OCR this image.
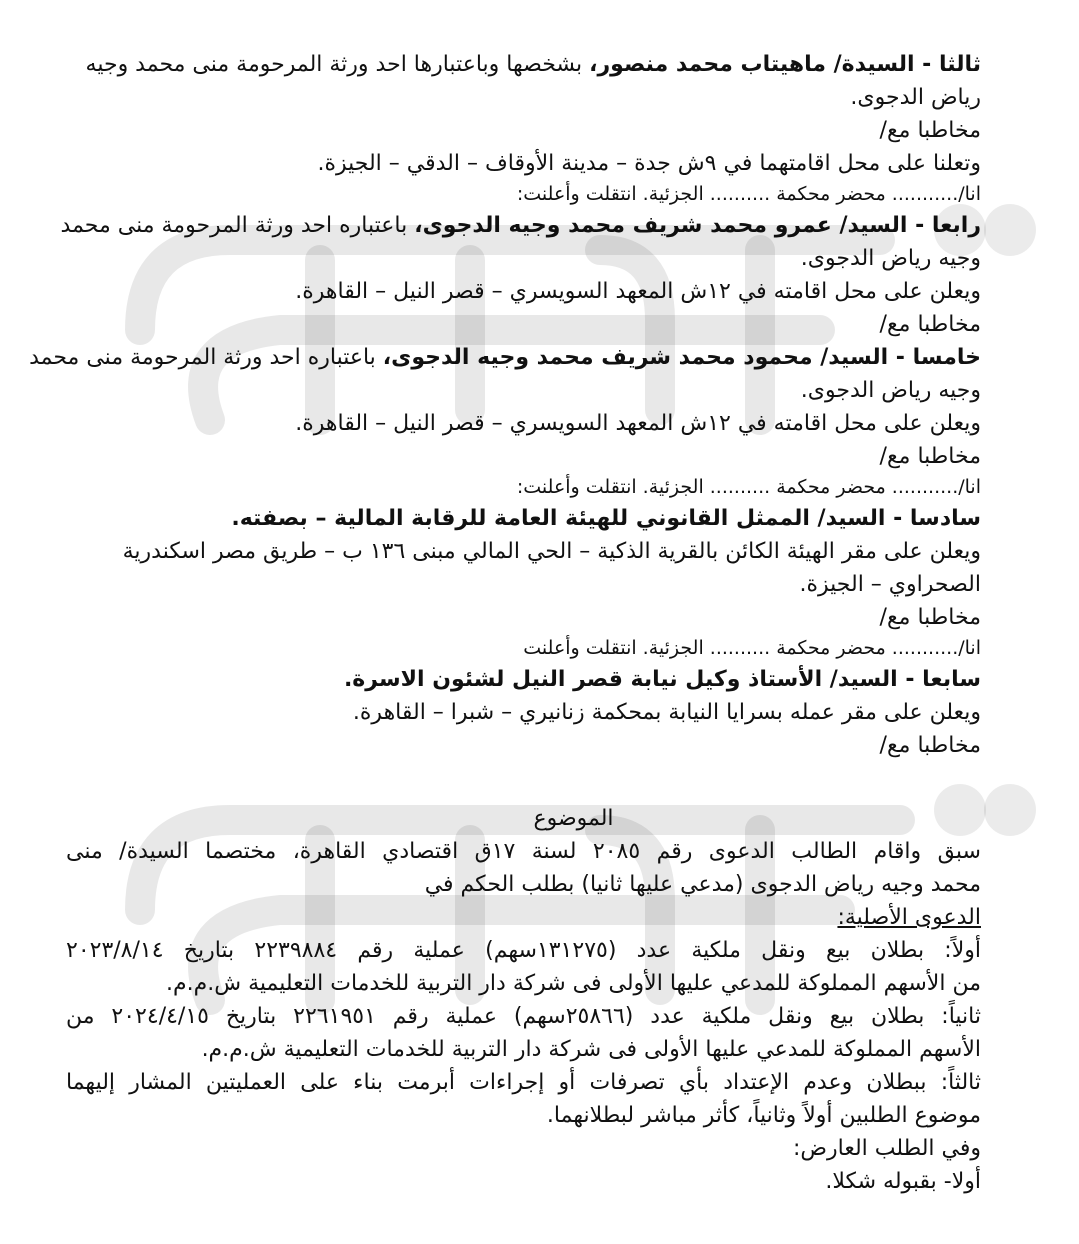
ثالثا - السيدة/ ماهيتاب محمد منصور، بشخصها وباعتبارها احد ورثة المرحومة منى محمد وجيه
رياض الدجوى.
مخاطبا مع/
وتعلنا على محل اقامتهما في ٩ش جدة – مدينة الأوقاف – الدقي – الجيزة.
انا/........... محضر محكمة .......... الجزئية. انتقلت وأعلنت:
رابعا - السيد/ عمرو محمد شريف محمد وجيه الدجوى، باعتباره احد ورثة المرحومة منى محمد
وجيه رياض الدجوى.
ويعلن على محل اقامته في ١٢ش المعهد السويسري – قصر النيل – القاهرة.
مخاطبا مع/
خامسا - السيد/ محمود محمد شريف محمد وجيه الدجوى، باعتباره احد ورثة المرحومة منى محمد
وجيه رياض الدجوى.
ويعلن على محل اقامته في ١٢ش المعهد السويسري – قصر النيل – القاهرة.
مخاطبا مع/
انا/........... محضر محكمة .......... الجزئية. انتقلت وأعلنت:
سادسا - السيد/ الممثل القانوني للهيئة العامة للرقابة المالية – بصفته.
ويعلن على مقر الهيئة الكائن بالقرية الذكية – الحي المالي مبنى ١٣٦ ب – طريق مصر اسكندرية
الصحراوي – الجيزة.
مخاطبا مع/
انا/........... محضر محكمة .......... الجزئية. انتقلت وأعلنت
سابعا - السيد/ الأستاذ وكيل نيابة قصر النيل لشئون الاسرة.
ويعلن على مقر عمله بسرايا النيابة بمحكمة زنانيري – شبرا – القاهرة.
مخاطبا مع/
الموضوع
سبق واقام الطالب الدعوى رقم ٢٠٨٥ لسنة ١٧ق اقتصادي القاهرة، مختصما السيدة/ منى
محمد وجيه رياض الدجوى (مدعي عليها ثانيا) بطلب الحكم في
الدعوى الأصلية:
أولاً: بطلان بيع ونقل ملكية عدد (١٣١٢٧٥سهم) عملية رقم ٢٢٣٩٨٨٤ بتاريخ ٢٠٢٣/٨/١٤
من الأسهم المملوكة للمدعي عليها الأولى فى شركة دار التربية للخدمات التعليمية ش.م.م.
ثانياً: بطلان بيع ونقل ملكية عدد (٢٥٨٦٦سهم) عملية رقم ٢٢٦١٩٥١ بتاريخ ٢٠٢٤/٤/١٥ من
الأسهم المملوكة للمدعي عليها الأولى فى شركة دار التربية للخدمات التعليمية ش.م.م.
ثالثاً: ببطلان وعدم الإعتداد بأي تصرفات أو إجراءات أبرمت بناء على العمليتين المشار إليهما
موضوع الطلبين أولاً وثانياً، كأثر مباشر لبطلانهما.
وفي الطلب العارض:
أولا- بقبوله شكلا.
